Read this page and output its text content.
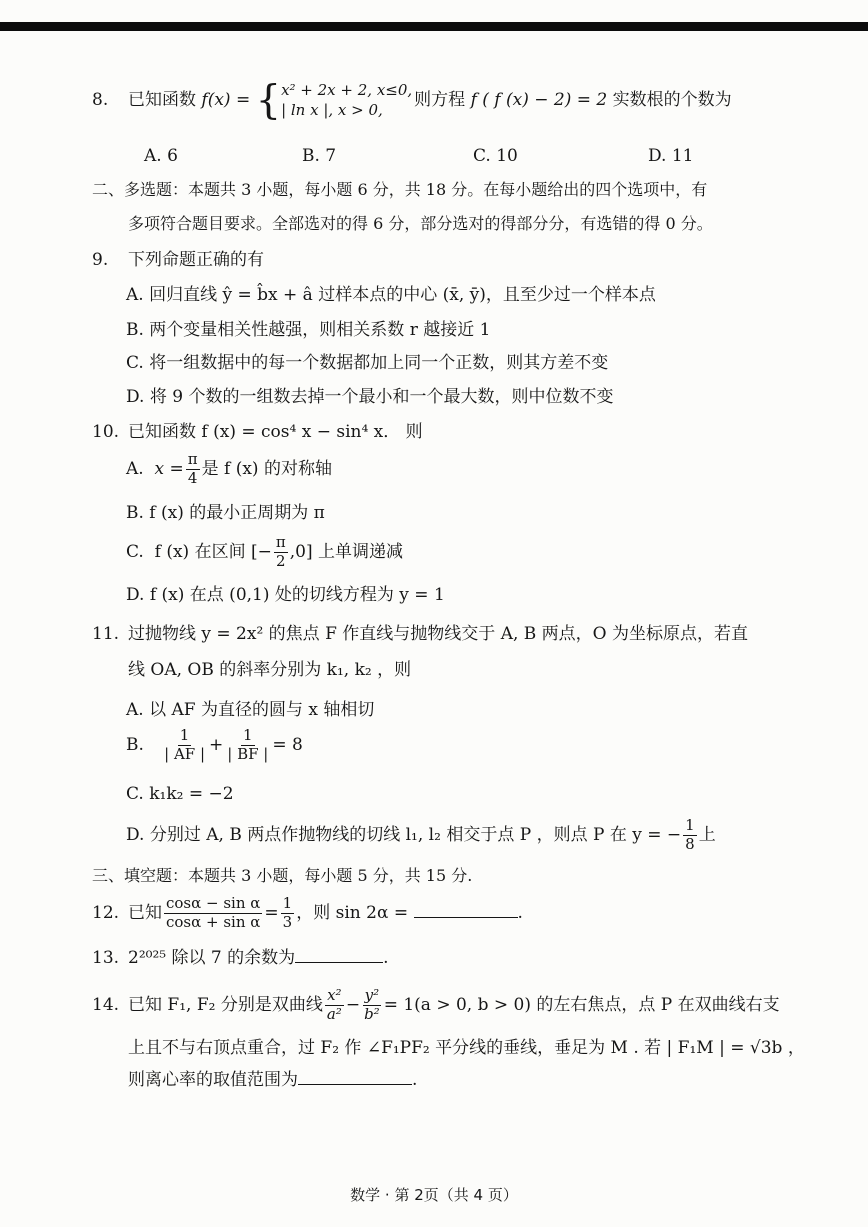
8. 已知函数 f(x) = { x² + 2x + 2, x≤0,
| ln x |, x > 0,
则方程 f ( f (x) − 2) = 2 实数根的个数为
A. 6	B. 7	C. 10	D. 11
二、多选题：本题共 3 小题，每小题 6 分，共 18 分。在每小题给出的四个选项中，有
多项符合题目要求。全部选对的得 6 分，部分选对的得部分分，有选错的得 0 分。
9. 下列命题正确的有
A. 回归直线 ŷ = b̂x + â 过样本点的中心 (x̄, ȳ)，且至少过一个样本点
B. 两个变量相关性越强，则相关系数 r 越接近 1
C. 将一组数据中的每一个数据都加上同一个正数，则其方差不变
D. 将 9 个数的一组数去掉一个最小和一个最大数，则中位数不变
10. 已知函数 f (x) = cos⁴ x − sin⁴ x． 则
A. $x = \frac{\pi}{4}$ 是 f (x) 的对称轴
B. f (x) 的最小正周期为 π
C. f (x) 在区间 [− $\frac{\pi}{2} ,0$] 上单调递减
D. f (x) 在点 (0,1) 处的切线方程为 y = 1
11. 过抛物线 y = 2x² 的焦点 F 作直线与抛物线交于 A, B 两点，O 为坐标原点，若直
线 OA, OB 的斜率分别为 k₁, k₂ ，则
A. 以 AF 为直径的圆与 x 轴相切
B. $\frac{1}{| AF |} + \frac{1}{| BF |} = 8$
C. k₁k₂ = −2
D. 分别过 A, B 两点作抛物线的切线 l₁, l₂ 相交于点 P ，则点 P 在 y = − $\frac{1}{8}$ 上
三、填空题：本题共 3 小题，每小题 5 分，共 15 分.
12. 已知 $\frac{\text{cosα − sin α}}{\text{cosα + sin α}} = \frac{1}{3}$ ，则 sin 2α =	.
13. 2²⁰²⁵ 除以 7 的余数为	.
14. 已知 F₁, F₂ 分别是双曲线 $\frac{\text{x²}}{\text{a²}} - \frac{\text{y²}}{\text{b²}} = 1(a > 0$, b > 0) 的左右焦点，点 P 在双曲线右支
上且不与右顶点重合，过 F₂ 作 ∠F₁PF₂ 平分线的垂线，垂足为 M . 若 | F₁M | = √3b ，
则离心率的取值范围为	.
数学 · 第 2页（共 4 页）
